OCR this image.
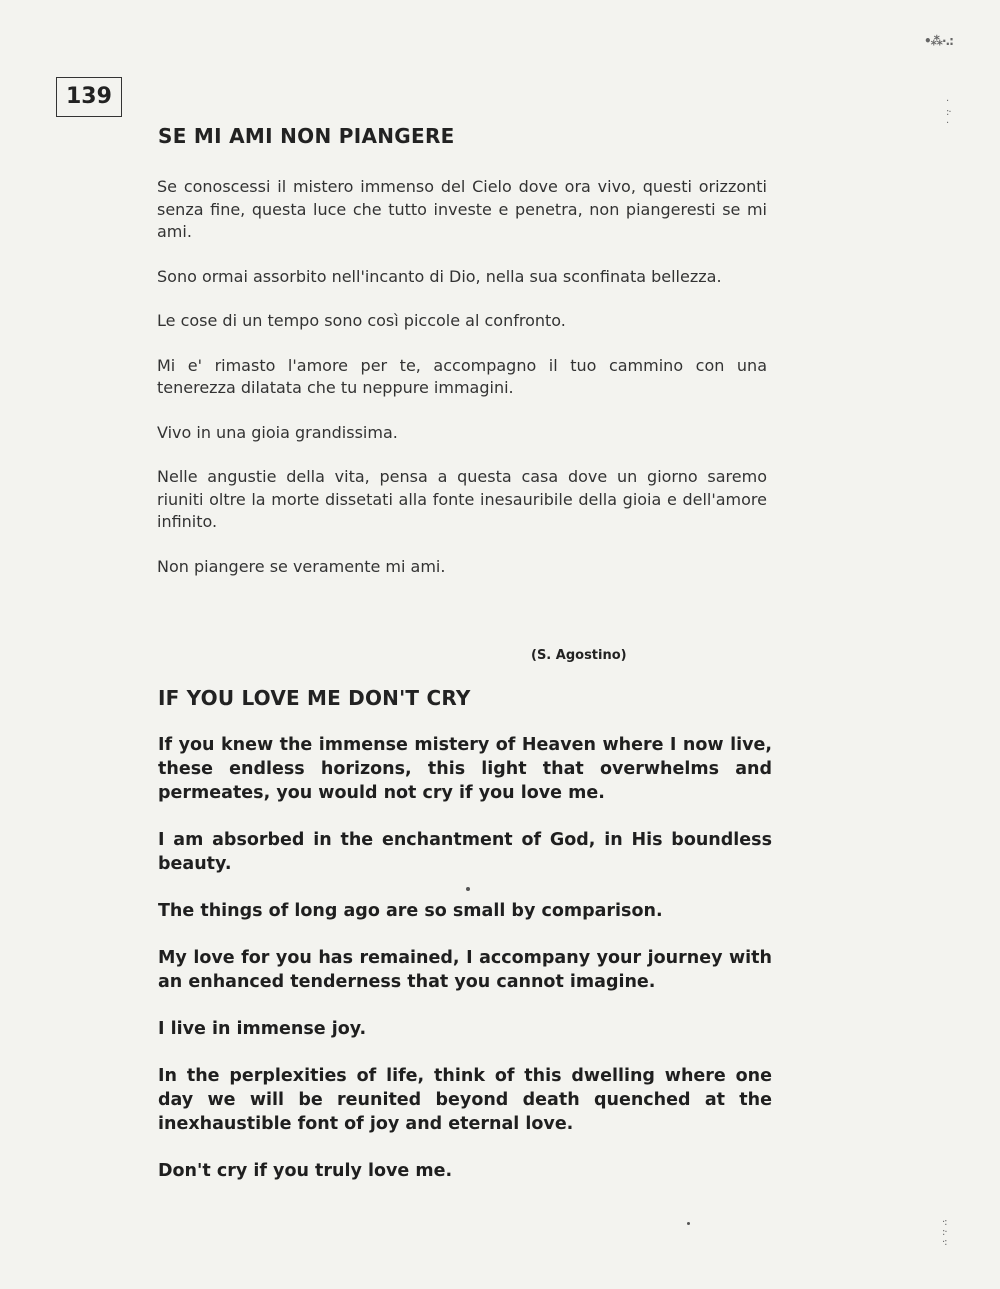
139
SE MI AMI NON PIANGERE

Se conoscessi il mistero immenso del Cielo dove ora vivo, questi orizzonti senza fine, questa luce che tutto investe e penetra, non piangeresti se mi ami.

Sono ormai assorbito nell'incanto di Dio, nella sua sconfinata bellezza.

Le cose di un tempo sono così piccole al confronto.

Mi e' rimasto l'amore per te, accompagno il tuo cammino con una tenerezza dilatata che tu neppure immagini.

Vivo in una gioia grandissima.

Nelle angustie della vita, pensa a questa casa dove un giorno saremo riuniti oltre la morte dissetati alla fonte inesauribile della gioia e dell'amore infinito.

Non piangere se veramente mi ami.

(S. Agostino)
IF YOU LOVE ME DON'T CRY

If you knew the immense mistery of Heaven where I now live, these endless horizons, this light that overwhelms and permeates, you would not cry if you love me.

I am absorbed in the enchantment of God, in His boundless beauty.

The things of long ago are so small by comparison.

My love for you has remained, I accompany your journey with an enhanced tenderness that you cannot imagine.

I live in immense joy.

In the perplexities of life, think of this dwelling where one day we will be reunited beyond death quenched at the inexhaustible font of joy and eternal love.

Don't cry if you truly love me.

•⁂·.:
·
:·
·
·:
:·
·:
